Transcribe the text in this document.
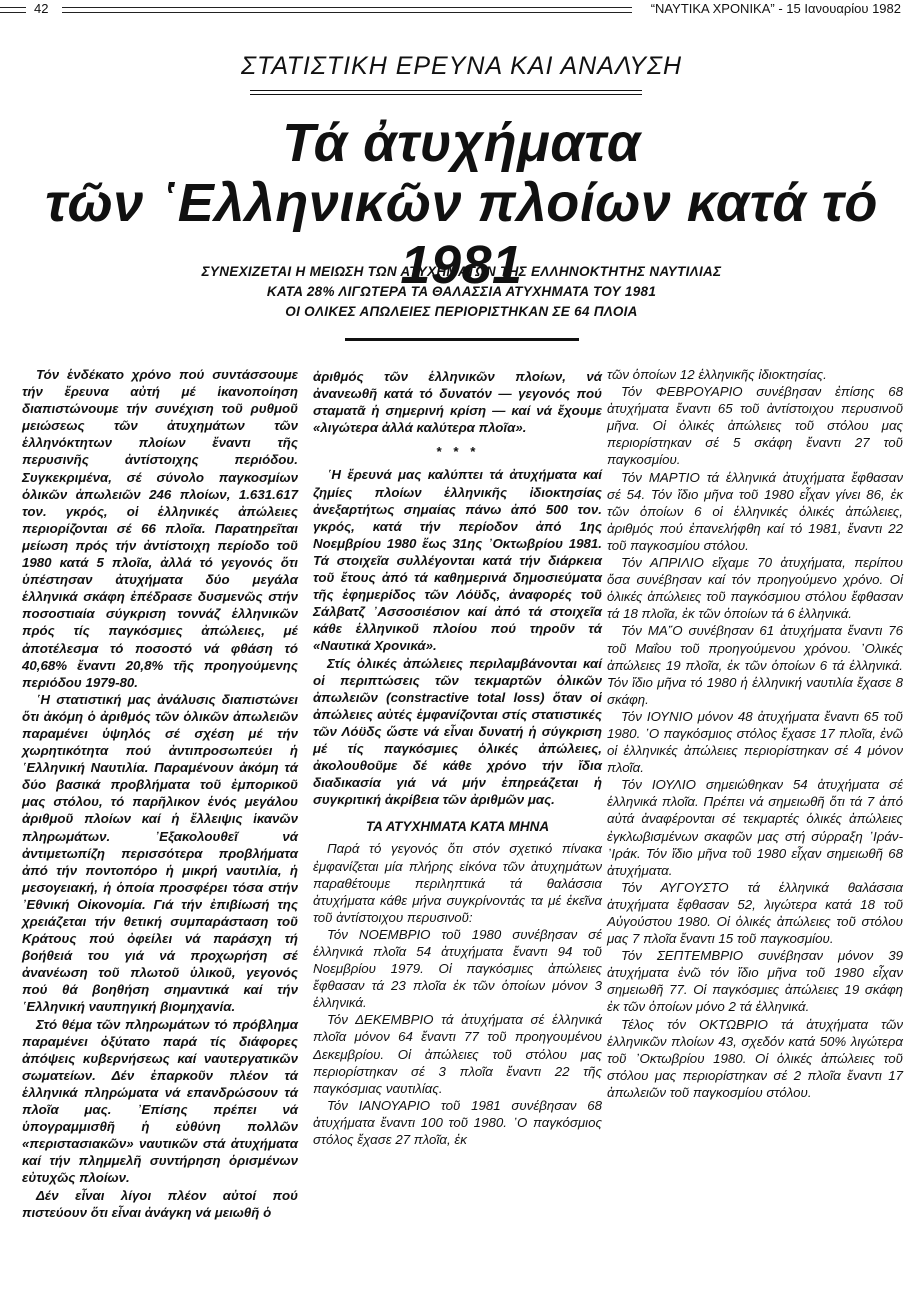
42	“ΝΑΥΤΙΚΑ ΧΡΟΝΙΚΑ” - 15 Ιανουαρίου 1982
ΣΤΑΤΙΣΤΙΚΗ ΕΡΕΥΝΑ ΚΑΙ ΑΝΑΛΥΣΗ
Τά ἀτυχήματα
τῶν ῾Ελληνικῶν πλοίων κατά τό 1981
ΣΥΝΕΧΙΖΕΤΑΙ Η ΜΕΙΩΣΗ ΤΩΝ ΑΤΥΧΗΜΑΤΩΝ ΤΗΣ ΕΛΛΗΝΟΚΤΗΤΗΣ ΝΑΥΤΙΛΙΑΣ
ΚΑΤΑ 28% ΛΙΓΩΤΕΡΑ ΤΑ ΘΑΛΑΣΣΙΑ ΑΤΥΧΗΜΑΤΑ ΤΟΥ 1981
ΟΙ ΟΛΙΚΕΣ ΑΠΩΛΕΙΕΣ ΠΕΡΙΟΡΙΣΤΗΚΑΝ ΣΕ 64 ΠΛΟΙΑ

Τόν ἑνδέκατο χρόνο πού συντάσσουμε τήν ἔρευνα αὐτή μέ ἱκανοποίηση διαπιστώνουμε τήν συνέχιση τοῦ ρυθμοῦ μειώσεως τῶν ἀτυχημάτων τῶν ἑλληνόκτητων πλοίων ἔναντι τῆς περυσινῆς ἀντίστοιχης περιόδου. Συγκεκριμένα, σέ σύνολο παγκοσμίων ὁλικῶν ἀπωλειῶν 246 πλοίων, 1.631.617 τον. γκρός, οἱ ἑλληνικές ἀπώλειες περιορίζονται σέ 66 πλοῖα. Παρατηρεῖται μείωση πρός τήν ἀντίστοιχη περίοδο τοῦ 1980 κατά 5 πλοῖα, ἀλλά τό γεγονός ὅτι ὑπέστησαν ἀτυχήματα δύο μεγάλα ἑλληνικά σκάφη ἐπέδρασε δυσμενῶς στήν ποσοστιαία σύγκριση τοννάζ ἑλληνικῶν πρός τίς παγκόσμιες ἀπώλειες, μέ ἀποτέλεσμα τό ποσοστό νά φθάση τό 40,68% ἔναντι 20,8% τῆς προηγούμενης περιόδου 1979-80.

῾Η στατιστική μας ἀνάλυσις διαπιστώνει ὅτι ἀκόμη ὁ ἀριθμός τῶν ὁλικῶν ἀπωλειῶν παραμένει ὑψηλός σέ σχέση μέ τήν χωρητικότητα πού ἀντιπροσωπεύει ἡ ῾Ελληνική Ναυτιλία. Παραμένουν ἀκόμη τά δύο βασικά προβλήματα τοῦ ἐμπορικοῦ μας στόλου, τό παρῆλικον ἑνός μεγάλου ἀριθμοῦ πλοίων καί ἡ ἔλλειψις ἱκανῶν πληρωμάτων. ᾽Εξακολουθεῖ νά ἀντιμετωπίζη περισσότερα προβλήματα ἀπό τήν ποντοπόρο ἡ μικρή ναυτιλία, ἡ μεσογειακή, ἡ ὁποία προσφέρει τόσα στήν ᾽Εθνική Οἰκονομία. Γιά τήν ἐπιβίωσή της χρειάζεται τήν θετική συμπαράσταση τοῦ Κράτους πού ὀφείλει νά παράσχη τή βοήθειά του γιά νά προχωρήση σέ ἀνανέωση τοῦ πλωτοῦ ὑλικοῦ, γεγονός πού θά βοηθήση σημαντικά καί τήν ῾Ελληνική ναυπηγική βιομηχανία.

Στό θέμα τῶν πληρωμάτων τό πρόβλημα παραμένει ὀξύτατο παρά τίς διάφορες ἀπόψεις κυβερνήσεως καί ναυτεργατικῶν σωματείων. Δέν ἐπαρκοῦν πλέον τά ἑλληνικά πληρώματα νά επανδρώσουν τά πλοῖα μας. ᾽Επίσης πρέπει νά ὑπογραμμισθῆ ἡ εὐθύνη πολλῶν «περιστασιακῶν» ναυτικῶν στά ἀτυχήματα καί τήν πλημμελῆ συντήρηση ὁρισμένων εὐτυχῶς πλοίων.

Δέν εἶναι λίγοι πλέον αὐτοί πού πιστεύουν ὅτι εἶναι ἀνάγκη νά μειωθῆ ὁ

ἀριθμός τῶν ἑλληνικῶν πλοίων, νά ἀνανεωθῆ κατά τό δυνατόν — γεγονός πού σταματᾶ ἡ σημερινή κρίση — καί νά ἔχουμε «λιγώτερα ἀλλά καλύτερα πλοῖα».

* * *

῾Η ἔρευνά μας καλύπτει τά ἀτυχήματα καί ζημίες πλοίων ἑλληνικῆς ἰδιοκτησίας ἀνεξαρτήτως σημαίας πάνω ἀπό 500 τον. γκρός, κατά τήν περίοδον ἀπό 1ης Νοεμβρίου 1980 ἕως 31ης ᾽Οκτωβρίου 1981. Τά στοιχεῖα συλλέγονται κατά τήν διάρκεια τοῦ ἔτους ἀπό τά καθημερινά δημοσιεύματα τῆς ἐφημερίδος τῶν Λόϋδς, ἀναφορές τοῦ Σάλβατζ ᾽Ασσοσιέσιον καί ἀπό τά στοιχεῖα κάθε ἑλληνικοῦ πλοίου πού τηροῦν τά «Ναυτικά Χρονικά».

Στίς ὁλικές ἀπώλειες περιλαμβάνονται καί οἱ περιπτώσεις τῶν τεκμαρτῶν ὁλικῶν ἀπωλειῶν (constractive total loss) ὅταν οἱ ἀπώλειες αὐτές ἐμφανίζονται στίς στατιστικές τῶν Λόϋδς ὥστε νά εἶναι δυνατή ἡ σύγκριση μέ τίς παγκόσμιες ὁλικές ἀπώλειες, ἀκολουθοῦμε δέ κάθε χρόνο τήν ἴδια διαδικασία γιά νά μήν ἐπηρεάζεται ἡ συγκριτική ἀκρίβεια τῶν ἀριθμῶν μας.

ΤΑ ΑΤΥΧΗΜΑΤΑ ΚΑΤΑ ΜΗΝΑ

Παρά τό γεγονός ὅτι στόν σχετικό πίνακα ἐμφανίζεται μία πλήρης εἰκόνα τῶν ἀτυχημάτων παραθέτουμε περιληπτικά τά θαλάσσια ἀτυχήματα κάθε μήνα συγκρίνοντάς τα μέ ἐκεῖνα τοῦ ἀντίστοιχου περυσινοῦ:

Τόν ΝΟΕΜΒΡΙΟ τοῦ 1980 συνέβησαν σέ ἑλληνικά πλοῖα 54 ἀτυχήματα ἔναντι 94 τοῦ Νοεμβρίου 1979. Οἱ παγκόσμιες ἀπώλειες ἔφθασαν τά 23 πλοῖα ἐκ τῶν ὁποίων μόνον 3 ἑλληνικά.

Τόν ΔΕΚΕΜΒΡΙΟ τά ἀτυχήματα σέ ἑλληνικά πλοῖα μόνον 64 ἔναντι 77 τοῦ προηγουμένου Δεκεμβρίου. Οἱ ἀπώλειες τοῦ στόλου μας περιορίστηκαν σέ 3 πλοῖα ἔναντι 22 τῆς παγκόσμιας ναυτιλίας.

Τόν ΙΑΝΟΥΑΡΙΟ τοῦ 1981 συνέβησαν 68 ἀτυχήματα ἔναντι 100 τοῦ 1980. ᾽Ο παγκόσμιος στόλος ἔχασε 27 πλοῖα, ἐκ

τῶν ὁποίων 12 ἑλληνικῆς ἰδιοκτησίας.

Τόν ΦΕΒΡΟΥΑΡΙΟ συνέβησαν ἐπίσης 68 ἀτυχήματα ἔναντι 65 τοῦ ἀντίστοιχου περυσινοῦ μῆνα. Οἱ ὁλικές ἀπώλειες τοῦ στόλου μας περιορίστηκαν σέ 5 σκάφη ἔναντι 27 τοῦ παγκοσμίου.

Τόν ΜΑΡΤΙΟ τά ἑλληνικά ἀτυχήματα ἔφθασαν σέ 54. Τόν ἴδιο μῆνα τοῦ 1980 εἶχαν γίνει 86, ἐκ τῶν ὁποίων 6 οἱ ἑλληνικές ὁλικές ἀπώλειες, ἀριθμός πού ἐπανελήφθη καί τό 1981, ἔναντι 22 τοῦ παγκοσμίου στόλου.

Τόν ΑΠΡΙΛΙΟ εἴχαμε 70 ἀτυχήματα, περίπου ὅσα συνέβησαν καί τόν προηγούμενο χρόνο. Οἱ ὁλικές ἀπώλειες τοῦ παγκόσμιου στόλου ἔφθασαν τά 18 πλοῖα, ἐκ τῶν ὁποίων τά 6 ἑλληνικά.

Τόν ΜΑ῎Ο συνέβησαν 61 ἀτυχήματα ἔναντι 76 τοῦ Μαΐου τοῦ προηγούμενου χρόνου. ᾽Ολικές ἀπώλειες 19 πλοῖα, ἐκ τῶν ὁποίων 6 τά ἑλληνικά. Τόν ἴδιο μῆνα τό 1980 ἡ ἑλληνική ναυτιλία ἔχασε 8 σκάφη.

Τόν ΙΟΥΝΙΟ μόνον 48 ἀτυχήματα ἔναντι 65 τοῦ 1980. ᾽Ο παγκόσμιος στόλος ἔχασε 17 πλοῖα, ἐνῶ οἱ ἑλληνικές ἀπώλειες περιορίστηκαν σέ 4 μόνον πλοῖα.

Τόν ΙΟΥΛΙΟ σημειώθηκαν 54 ἀτυχήματα σέ ἑλληνικά πλοῖα. Πρέπει νά σημειωθῆ ὅτι τά 7 ἀπό αὐτά ἀναφέρονται σέ τεκμαρτές ὁλικές ἀπώλειες ἐγκλωβισμένων σκαφῶν μας στή σύρραξη ᾽Ιράν-᾽Ιράκ. Τόν ἴδιο μῆνα τοῦ 1980 εἶχαν σημειωθῆ 68 ἀτυχήματα.

Τόν ΑΥΓΟΥΣΤΟ τά ἑλληνικά θαλάσσια ἀτυχήματα ἔφθασαν 52, λιγώτερα κατά 18 τοῦ Αὐγούστου 1980. Οἱ ὁλικές ἀπώλειες τοῦ στόλου μας 7 πλοῖα ἔναντι 15 τοῦ παγκοσμίου.

Τόν ΣΕΠΤΕΜΒΡΙΟ συνέβησαν μόνον 39 ἀτυχήματα ἐνῶ τόν ἴδιο μῆνα τοῦ 1980 εἶχαν σημειωθῆ 77. Οἱ παγκόσμιες ἀπώλειες 19 σκάφη ἐκ τῶν ὁποίων μόνο 2 τά ἑλληνικά.

Τέλος τόν ΟΚΤΩΒΡΙΟ τά ἀτυχήματα τῶν ἑλληνικῶν πλοίων 43, σχεδόν κατά 50% λιγώτερα τοῦ ᾽Οκτωβρίου 1980. Οἱ ὁλικές ἀπώλειες τοῦ στόλου μας περιορίστηκαν σέ 2 πλοῖα ἔναντι 17 ἀπωλειῶν τοῦ παγκοσμίου στόλου.
